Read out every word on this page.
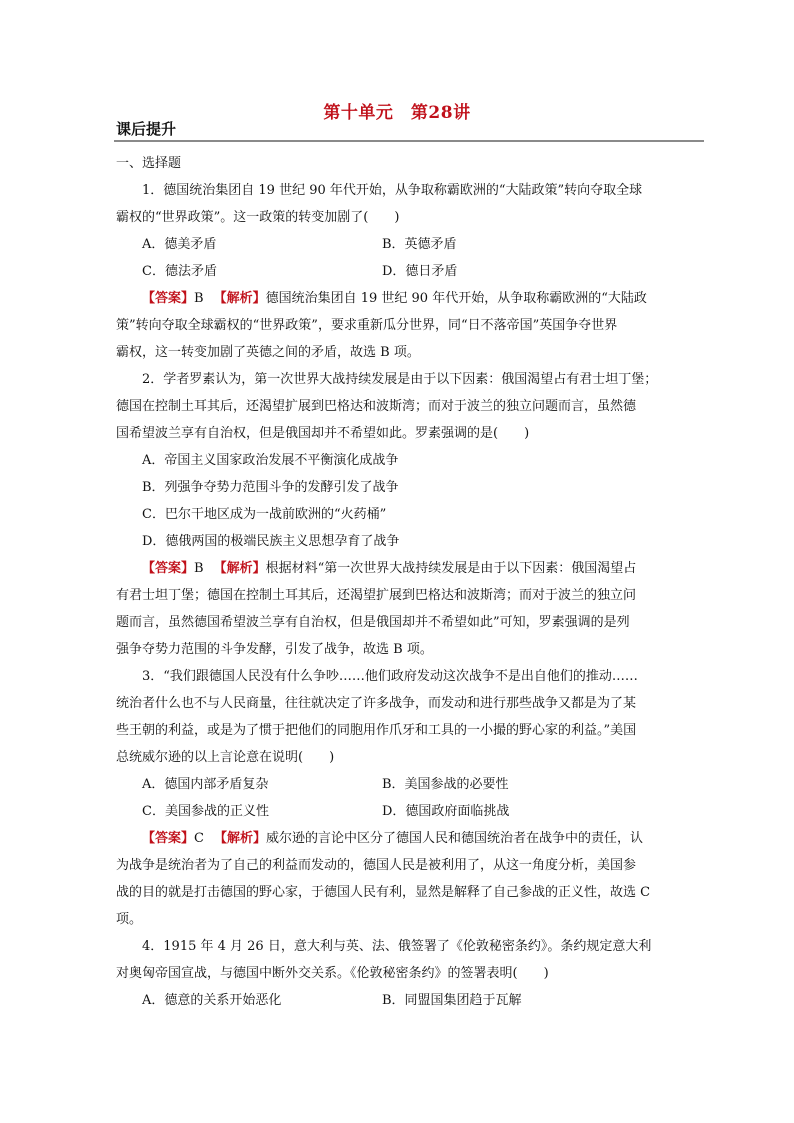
第十单元　第28讲
课后提升

一、选择题

1．德国统治集团自 19 世纪 90 年代开始，从争取称霸欧洲的“大陆政策”转向夺取全球

霸权的“世界政策”。这一政策的转变加剧了(　　)

A．德美矛盾	B．英德矛盾
C．德法矛盾	D．德日矛盾

【答案】B 【解析】德国统治集团自 19 世纪 90 年代开始，从争取称霸欧洲的“大陆政

策”转向夺取全球霸权的“世界政策”，要求重新瓜分世界，同“日不落帝国”英国争夺世界

霸权，这一转变加剧了英德之间的矛盾，故选 B 项。

2．学者罗素认为，第一次世界大战持续发展是由于以下因素：俄国渴望占有君士坦丁堡；

德国在控制土耳其后，还渴望扩展到巴格达和波斯湾；而对于波兰的独立问题而言，虽然德

国希望波兰享有自治权，但是俄国却并不希望如此。罗素强调的是(　　)

A．帝国主义国家政治发展不平衡演化成战争

B．列强争夺势力范围斗争的发酵引发了战争

C．巴尔干地区成为一战前欧洲的“火药桶”

D．德俄两国的极端民族主义思想孕育了战争

【答案】B 【解析】根据材料“第一次世界大战持续发展是由于以下因素：俄国渴望占

有君士坦丁堡；德国在控制土耳其后，还渴望扩展到巴格达和波斯湾；而对于波兰的独立问

题而言，虽然德国希望波兰享有自治权，但是俄国却并不希望如此”可知，罗素强调的是列

强争夺势力范围的斗争发酵，引发了战争，故选 B 项。

3．“我们跟德国人民没有什么争吵……他们政府发动这次战争不是出自他们的推动……

统治者什么也不与人民商量，往往就决定了许多战争，而发动和进行那些战争又都是为了某

些王朝的利益，或是为了惯于把他们的同胞用作爪牙和工具的一小撮的野心家的利益。”美国

总统威尔逊的以上言论意在说明(　　)

A．德国内部矛盾复杂	B．美国参战的必要性
C．美国参战的正义性	D．德国政府面临挑战

【答案】C 【解析】威尔逊的言论中区分了德国人民和德国统治者在战争中的责任，认

为战争是统治者为了自己的利益而发动的，德国人民是被利用了，从这一角度分析，美国参

战的目的就是打击德国的野心家，于德国人民有利，显然是解释了自己参战的正义性，故选 C

项。

4．1915 年 4 月 26 日，意大利与英、法、俄签署了《伦敦秘密条约》。条约规定意大利

对奥匈帝国宣战，与德国中断外交关系。《伦敦秘密条约》的签署表明(　　)

A．德意的关系开始恶化	B．同盟国集团趋于瓦解
